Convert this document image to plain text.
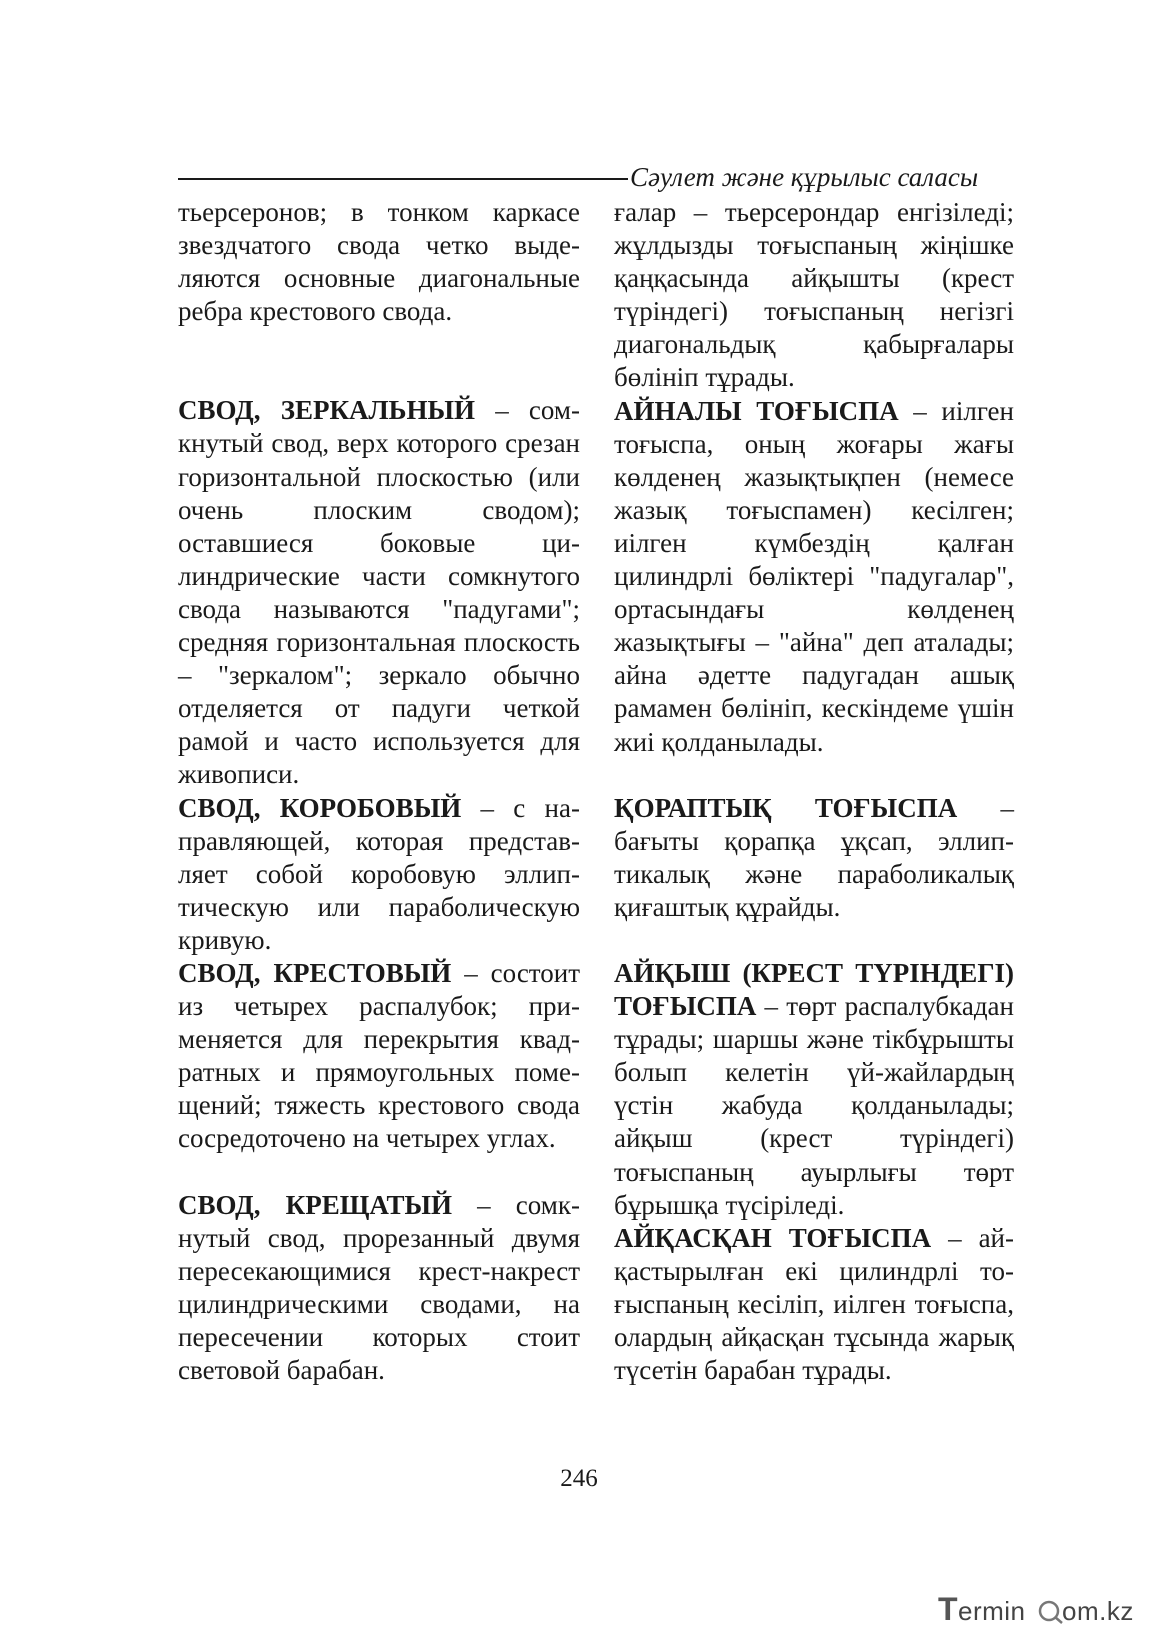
Сәулет және құрылыс саласы

тьерсеронов; в тонком каркасе звездчатого свода четко выделяются основные диагональные ребра крестового свода.

СВОД, ЗЕРКАЛЬНЫЙ – сомкнутый свод, верх которого срезан горизонтальной плоскостью (или очень плоским сводом); оставшиеся боковые цилиндрические части сомкнутого свода называются "падугами"; средняя горизонтальная плоскость – "зеркалом"; зеркало обычно отделяется от падуги четкой рамой и часто используется для живописи.

СВОД, КОРОБОВЫЙ – с направляющей, которая представляет собой коробовую эллиптическую или параболическую кривую.

СВОД, КРЕСТОВЫЙ – состоит из четырех распалубок; применяется для перекрытия квадратных и прямоугольных помещений; тяжесть крестового свода сосредоточено на четырех углах.

СВОД, КРЕЩАТЫЙ – сомкнутый свод, прорезанный двумя пересекающимися крест-накрест цилиндрическими сводами, на пересечении которых стоит световой барабан.

ғалар – тьерсерондар енгізіледі; жұлдызды тоғыспаның жіңішке қаңқасында айқышты (крест түріндегі) тоғыспаның негізгі диагональдық қабырғалары бөлініп тұрады.

АЙНАЛЫ ТОҒЫСПА – иілген тоғыспа, оның жоғары жағы көлденең жазықтықпен (немесе жазық тоғыспамен) кесілген; иілген күмбездің қалған цилиндрлі бөліктері "падугалар", ортасындағы көлденең жазықтығы – "айна" деп аталады; айна әдетте падугадан ашық рамамен бөлініп, кескіндеме үшін жиі қолданылады.

ҚОРАПТЫҚ ТОҒЫСПА – бағыты қорапқа ұқсап, эллиптикалық және параболикалық қиғаштық құрайды.

АЙҚЫШ (КРЕСТ ТҮРІНДЕГІ) ТОҒЫСПА – төрт распалубкадан тұрады; шаршы және тікбұрышты болып келетін үй-жайлардың үстін жабуда қолданылады; айқыш (крест түріндегі) тоғыспаның ауырлығы төрт бұрышқа түсіріледі.

АЙҚАСҚАН ТОҒЫСПА – айқастырылған екі цилиндрлі тоғыспаның кесіліп, иілген тоғыспа, олардың айқасқан тұсында жарық түсетін барабан тұрады.

246
T ermin om.kz
